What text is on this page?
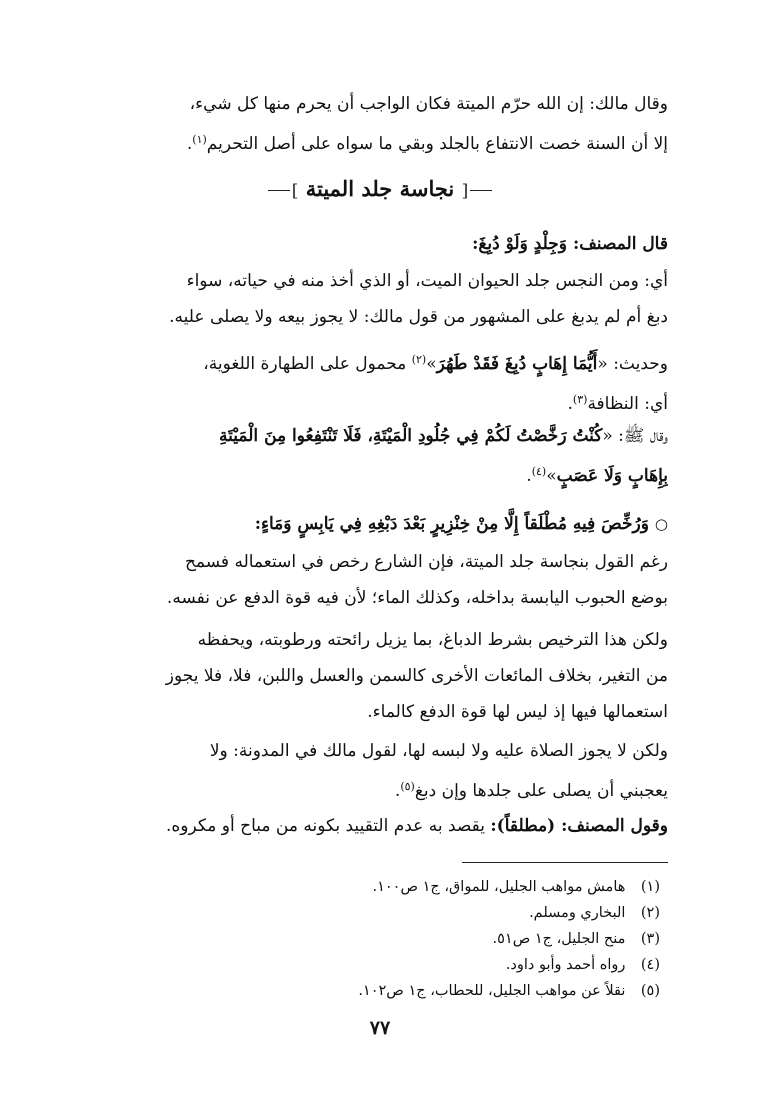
وقال مالك: إن الله حرّم الميتة فكان الواجب أن يحرم منها كل شيء،
إلا أن السنة خصت الانتفاع بالجلد وبقي ما سواه على أصل التحريم$^{(١)}$.
[ نجاسة جلد الميتة ]
قال المصنف: وَجِلْدٍ وَلَوْ دُبِغَ:
أي: ومن النجس جلد الحيوان الميت، أو الذي أخذ منه في حياته، سواء
دبغ أم لم يدبغ على المشهور من قول مالك: لا يجوز بيعه ولا يصلى عليه.
وحديث: «أَيُّمَا إِهَابٍ دُبِغَ فَقَدْ طَهُرَ»$^{(٢)}$ محمول على الطهارة اللغوية،
أي: النظافة$^{(٣)}$.
وقال ﷺ: «كُنْتُ رَخَّصْتُ لَكُمْ فِي جُلُودِ الْمَيْتَةِ، فَلَا تَنْتَفِعُوا مِنَ الْمَيْتَةِ
بِإِهَابٍ وَلَا عَصَبٍ»$^{(٤)}$.
○وَرُخِّصَ فِيهِ مُطْلَقاً إِلَّا مِنْ خِنْزِيرٍ بَعْدَ دَبْغِهِ فِي يَابِسٍ وَمَاءٍ:
رغم القول بنجاسة جلد الميتة، فإن الشارع رخص في استعماله فسمح
بوضع الحبوب اليابسة بداخله، وكذلك الماء؛ لأن فيه قوة الدفع عن نفسه.
ولكن هذا الترخيص بشرط الدباغ، بما يزيل رائحته ورطوبته، ويحفظه
من التغير، بخلاف المائعات الأخرى كالسمن والعسل واللبن، فلا، فلا يجوز
استعمالها فيها إذ ليس لها قوة الدفع كالماء.
ولكن لا يجوز الصلاة عليه ولا لبسه لها، لقول مالك في المدونة: ولا
يعجبني أن يصلى على جلدها وإن دبغ$^{(٥)}$.
وقول المصنف: (مطلقاً): يقصد به عدم التقييد بكونه من مباح أو مكروه.
(١) هامش مواهب الجليل، للمواق، ج١ ص١٠٠.
(٢) البخاري ومسلم.
(٣) منح الجليل، ج١ ص٥١.
(٤) رواه أحمد وأبو داود.
(٥) نقلاً عن مواهب الجليل، للحطاب، ج١ ص١٠٢.
٧٧
